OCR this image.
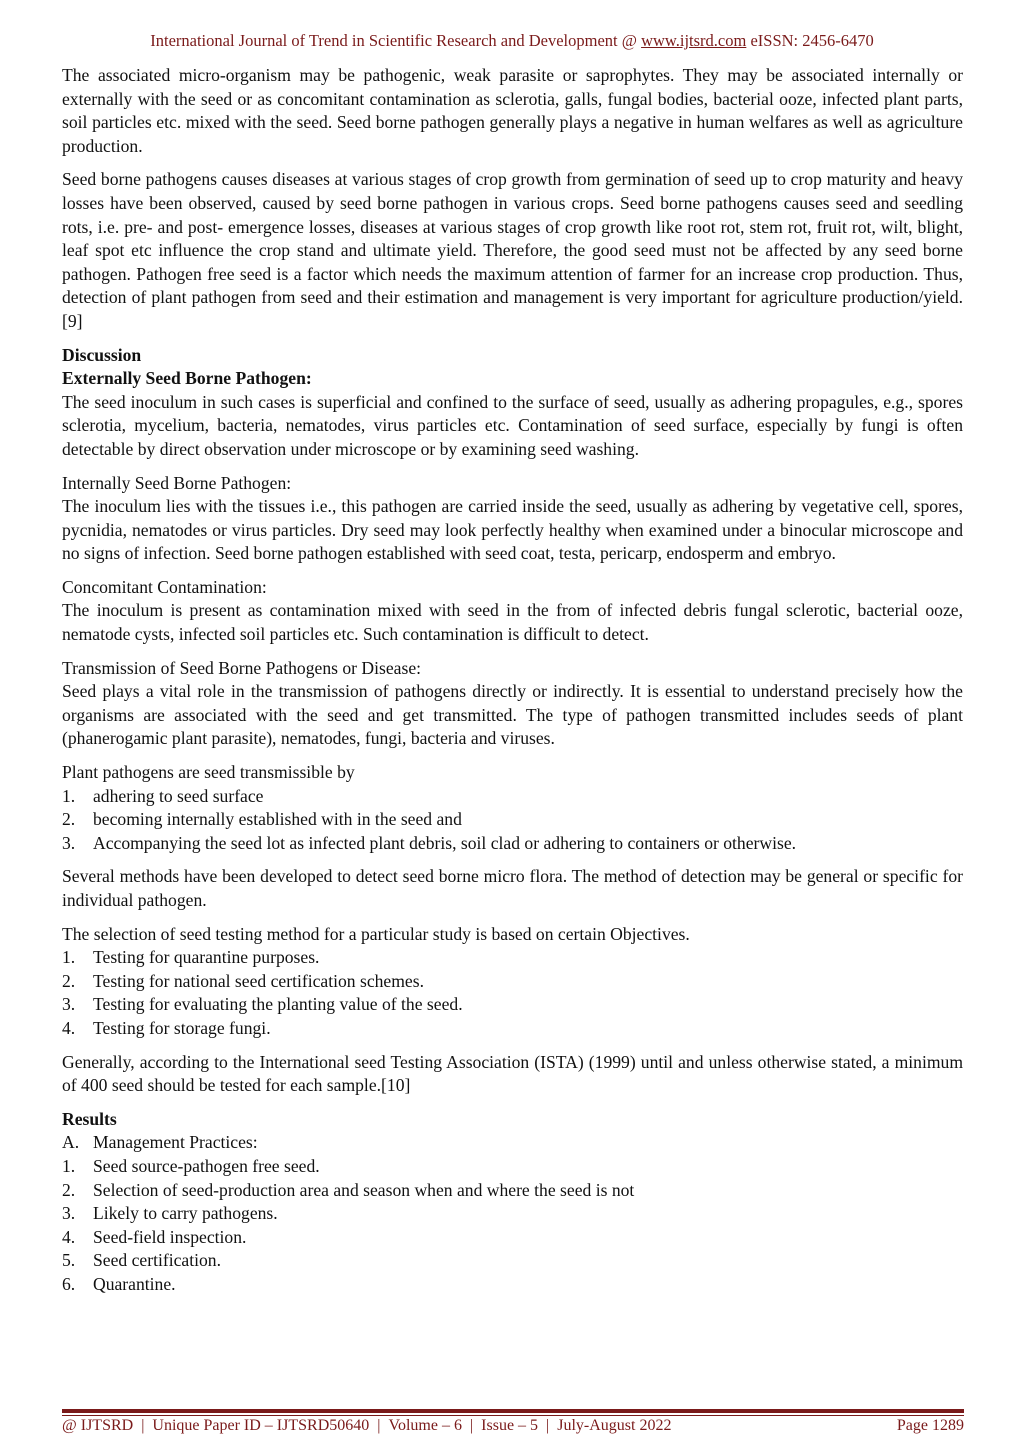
International Journal of Trend in Scientific Research and Development @ www.ijtsrd.com eISSN: 2456-6470

The associated micro-organism may be pathogenic, weak parasite or saprophytes. They may be associated internally or externally with the seed or as concomitant contamination as sclerotia, galls, fungal bodies, bacterial ooze, infected plant parts, soil particles etc. mixed with the seed. Seed borne pathogen generally plays a negative in human welfares as well as agriculture production.

Seed borne pathogens causes diseases at various stages of crop growth from germination of seed up to crop maturity and heavy losses have been observed, caused by seed borne pathogen in various crops. Seed borne pathogens causes seed and seedling rots, i.e. pre- and post- emergence losses, diseases at various stages of crop growth like root rot, stem rot, fruit rot, wilt, blight, leaf spot etc influence the crop stand and ultimate yield. Therefore, the good seed must not be affected by any seed borne pathogen. Pathogen free seed is a factor which needs the maximum attention of farmer for an increase crop production. Thus, detection of plant pathogen from seed and their estimation and management is very important for agriculture production/yield.[9]

Discussion
Externally Seed Borne Pathogen:
The seed inoculum in such cases is superficial and confined to the surface of seed, usually as adhering propagules, e.g., spores sclerotia, mycelium, bacteria, nematodes, virus particles etc. Contamination of seed surface, especially by fungi is often detectable by direct observation under microscope or by examining seed washing.
Internally Seed Borne Pathogen:
The inoculum lies with the tissues i.e., this pathogen are carried inside the seed, usually as adhering by vegetative cell, spores, pycnidia, nematodes or virus particles. Dry seed may look perfectly healthy when examined under a binocular microscope and no signs of infection. Seed borne pathogen established with seed coat, testa, pericarp, endosperm and embryo.
Concomitant Contamination:
The inoculum is present as contamination mixed with seed in the from of infected debris fungal sclerotic, bacterial ooze, nematode cysts, infected soil particles etc. Such contamination is difficult to detect.
Transmission of Seed Borne Pathogens or Disease:
Seed plays a vital role in the transmission of pathogens directly or indirectly. It is essential to understand precisely how the organisms are associated with the seed and get transmitted. The type of pathogen transmitted includes seeds of plant (phanerogamic plant parasite), nematodes, fungi, bacteria and viruses.
Plant pathogens are seed transmissible by
1.	adhering to seed surface
2.	becoming internally established with in the seed and
3.	Accompanying the seed lot as infected plant debris, soil clad or adhering to containers or otherwise.

Several methods have been developed to detect seed borne micro flora. The method of detection may be general or specific for individual pathogen.

The selection of seed testing method for a particular study is based on certain Objectives.
1.	Testing for quarantine purposes.
2.	Testing for national seed certification schemes.
3.	Testing for evaluating the planting value of the seed.
4.	Testing for storage fungi.

Generally, according to the International seed Testing Association (ISTA) (1999) until and unless otherwise stated, a minimum of 400 seed should be tested for each sample.[10]

Results
A. Management Practices:
1.	Seed source-pathogen free seed.
2.	Selection of seed-production area and season when and where the seed is not
3.	Likely to carry pathogens.
4.	Seed-field inspection.
5.	Seed certification.
6.	Quarantine.
@ IJTSRD | Unique Paper ID – IJTSRD50640 | Volume – 6 | Issue – 5 | July-August 2022	Page 1289
